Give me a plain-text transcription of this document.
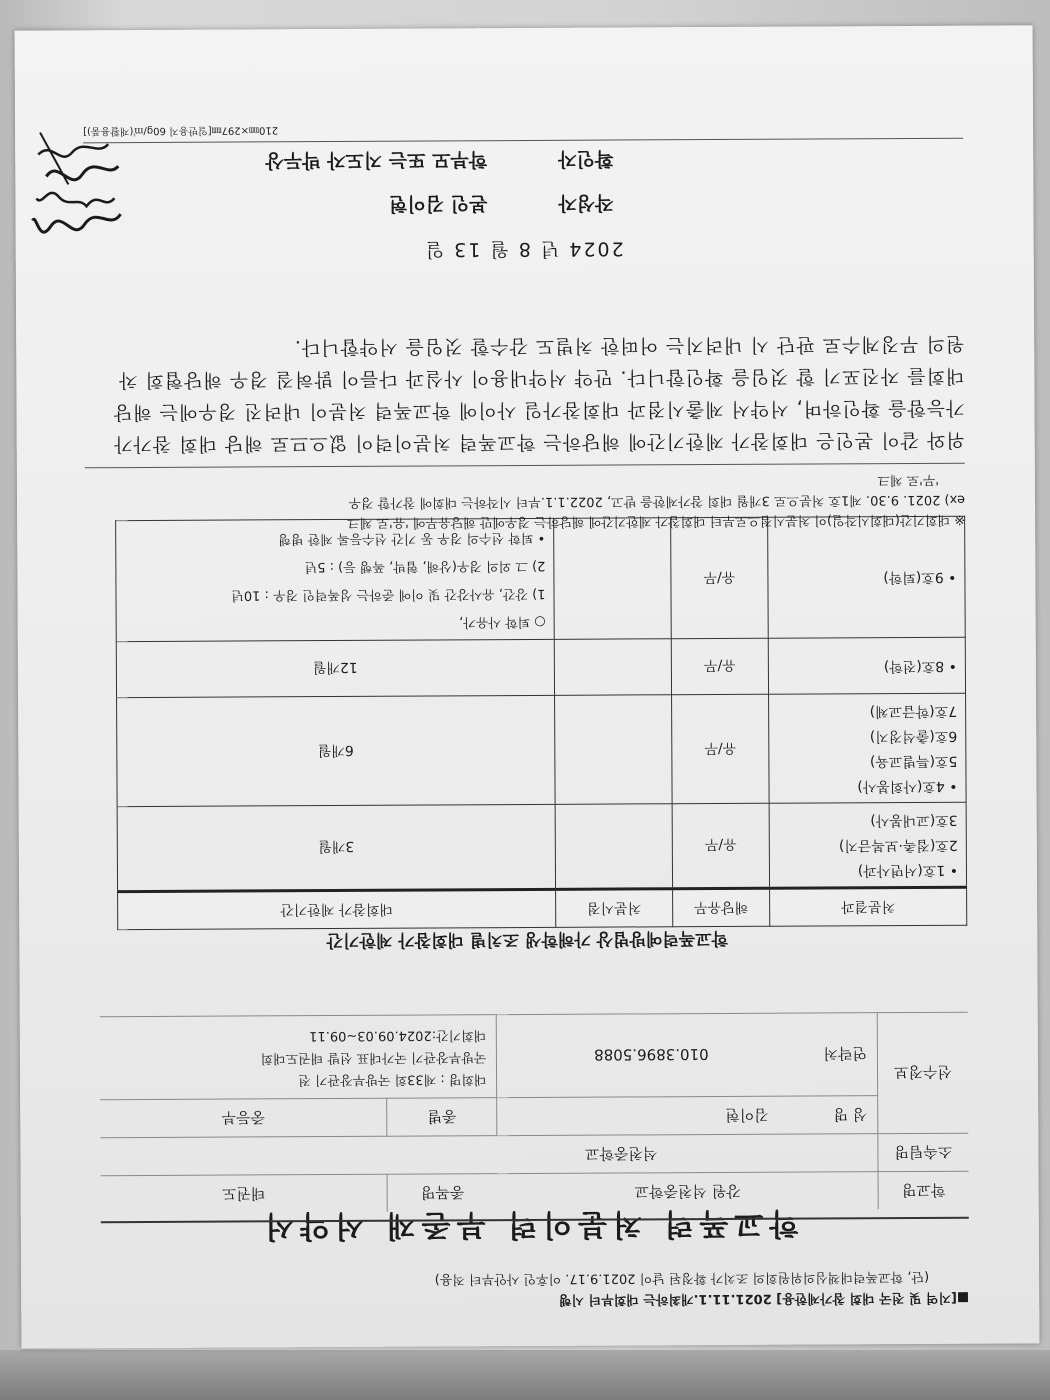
■[지역 및 전국 대회 참가제한용] 2021.11.1.개최하는 대회부터 시행
(단, 학교폭력대책심의위원회의 조치가 확정된 날이 2021.9.17. 이후인 사안부터 적용)
학교폭력 처분이력 부존재 서약서
학교명	강원 석천중학교	종목명	태권도
소속팀명	석천중학교		
선수정보	성 명 김이현	종별	중등부
	연락처 010.3896.5088	대회명 : 제33회 국방부장관기 전
국방부장관기 국가대표 선발 태권도대회
대회기간:2024.09.03~09.11	
학교폭력예방법상 가해학생 조치별 대회참가 제한기간
처분결과	해당유무	처분시점	대회참가 제한기간

• 1호(서면사과)
2호(접촉·보복금지)
3호(교내봉사)	유/무		3개월

• 4호(사회봉사)
5호(특별교육)
6호(출석정지)
7호(학급교체)	유/무		6개월

• 8호(전학)	유/무		12개월

• 9호(퇴학)	유/무		○ 퇴학 사유가,
1) 강간, 유사강간 및 이에 준하는 성폭력인 경우 : 10년
2) 그 외의 경우(상해, 협박, 폭행 등) : 5년
• 퇴학 선수의 경우 동 기간 선수등록 제한 병행
※ 대회기간(대회시작일)이 처분시점으로부터 대회참가 제한기간에 해당하는 경우에만 해당유무에 '유'로 체크
ex) 2021. 9.30. 제1호 처분으로 3개월 대회 참가제한을 받고, 2022.1.1.부터 시작하는 대회에 참가할 경우
'무'로 체크
위와 같이 본인은 대회참가 제한기간에 해당하는 학교폭력 처분이력이 없으므로 해당 대회 참가가 가능함을 확인하며, 서약서 제출시점과 대회참가일 사이에 학교폭력 처분이 내려진 경우에는 해당대회를 자진포기 할 것임을 확인합니다. 만약 서약내용이 사실과 다름이 밝혀질 경우 해당협회 차원의 무징계수로 판단 시 내려지는 어떠한 처벌도 감수할 것임을 서약합니다.
2024 년 8 월 13 일
작성자 본인 김이현
확인자 학부모 또는 지도자 박두상
210㎜×297㎜[일반용지 60g/㎡(재활용품)]
